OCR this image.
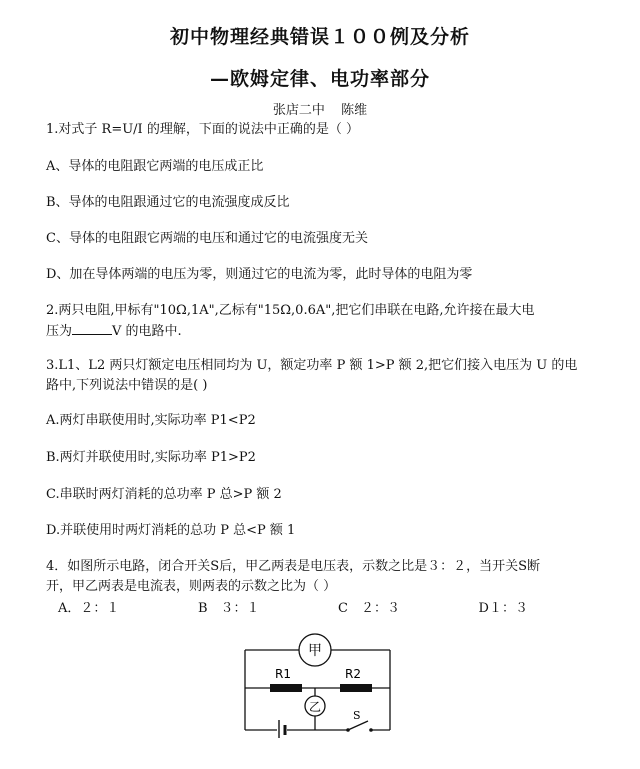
初中物理经典错误１００例及分析
—欧姆定律、电功率部分
张店二中 陈维
1.对式子 R=U/I 的理解，下面的说法中正确的是（ ）
A、导体的电阻跟它两端的电压成正比
B、导体的电阻跟通过它的电流强度成反比
C、导体的电阻跟它两端的电压和通过它的电流强度无关
D、加在导体两端的电压为零，则通过它的电流为零，此时导体的电阻为零
2.两只电阻,甲标有"10Ω,1A",乙标有"15Ω,0.6A",把它们串联在电路,允许接在最大电
压为	V 的电路中.
3.L1、L2 两只灯额定电压相同均为 U，额定功率 P 额 1>P 额 2,把它们接入电压为 U 的电
路中,下列说法中错误的是( )
A.两灯串联使用时,实际功率 P1<P2
B.两灯并联使用时,实际功率 P1>P2
C.串联时两灯消耗的总功率 P 总>P 额 2
D.并联使用时两灯消耗的总功 P 总<P 额 1
4．如图所示电路，闭合开关S后，甲乙两表是电压表，示数之比是３：２，当开关S断
开，甲乙两表是电流表，则两表的示数之比为（ ）
A．２：１	B　３：１	C　２：３	D１：３
S
R1	R2
甲
乙
